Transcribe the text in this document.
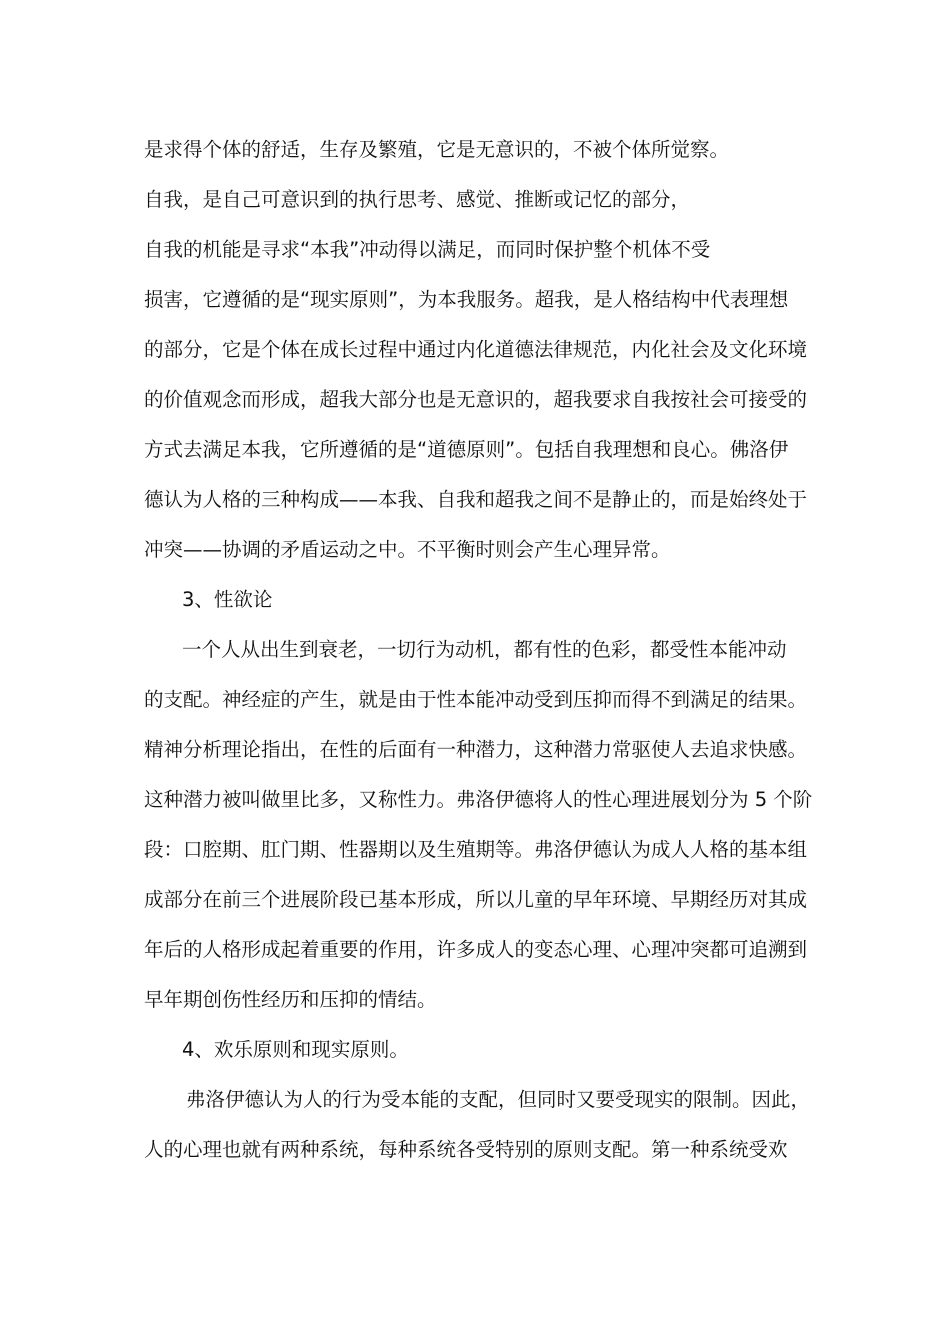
是求得个体的舒适，生存及繁殖，它是无意识的，不被个体所觉察。
自我，是自己可意识到的执行思考、感觉、推断或记忆的部分，
自我的机能是寻求“本我”冲动得以满足，而同时保护整个机体不受
损害，它遵循的是“现实原则”，为本我服务。超我，是人格结构中代表理想
的部分，它是个体在成长过程中通过内化道德法律规范，内化社会及文化环境
的价值观念而形成，超我大部分也是无意识的，超我要求自我按社会可接受的
方式去满足本我，它所遵循的是“道德原则”。包括自我理想和良心。佛洛伊
德认为人格的三种构成——本我、自我和超我之间不是静止的，而是始终处于
冲突——协调的矛盾运动之中。不平衡时则会产生心理异常。
3、性欲论
一个人从出生到衰老，一切行为动机，都有性的色彩，都受性本能冲动
的支配。神经症的产生，就是由于性本能冲动受到压抑而得不到满足的结果。
精神分析理论指出，在性的后面有一种潜力，这种潜力常驱使人去追求快感。
这种潜力被叫做里比多，又称性力。弗洛伊德将人的性心理进展划分为 5 个阶
段：口腔期、肛门期、性器期以及生殖期等。弗洛伊德认为成人人格的基本组
成部分在前三个进展阶段已基本形成，所以儿童的早年环境、早期经历对其成
年后的人格形成起着重要的作用，许多成人的变态心理、心理冲突都可追溯到
早年期创伤性经历和压抑的情结。
4、欢乐原则和现实原则。
弗洛伊德认为人的行为受本能的支配，但同时又要受现实的限制。因此，
人的心理也就有两种系统，每种系统各受特别的原则支配。第一种系统受欢
